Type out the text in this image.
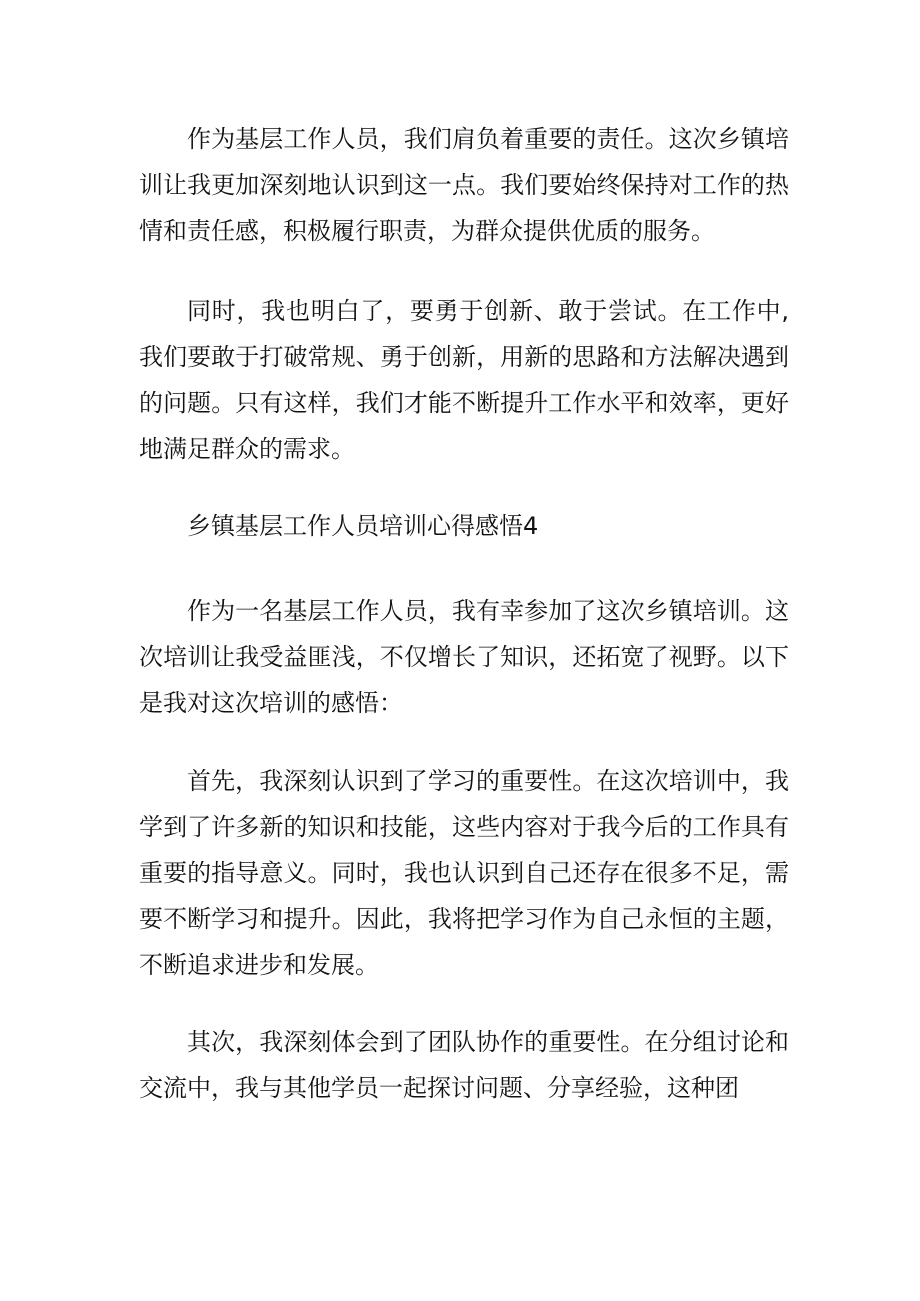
作为基层工作人员，我们肩负着重要的责任。这次乡镇培训让我更加深刻地认识到这一点。我们要始终保持对工作的热情和责任感，积极履行职责，为群众提供优质的服务。

同时，我也明白了，要勇于创新、敢于尝试。在工作中,我们要敢于打破常规、勇于创新，用新的思路和方法解决遇到的问题。只有这样，我们才能不断提升工作水平和效率，更好地满足群众的需求。

乡镇基层工作人员培训心得感悟4

作为一名基层工作人员，我有幸参加了这次乡镇培训。这次培训让我受益匪浅，不仅增长了知识，还拓宽了视野。以下是我对这次培训的感悟：

首先，我深刻认识到了学习的重要性。在这次培训中，我学到了许多新的知识和技能，这些内容对于我今后的工作具有重要的指导意义。同时，我也认识到自己还存在很多不足，需要不断学习和提升。因此，我将把学习作为自己永恒的主题，不断追求进步和发展。

其次，我深刻体会到了团队协作的重要性。在分组讨论和交流中，我与其他学员一起探讨问题、分享经验，这种团
